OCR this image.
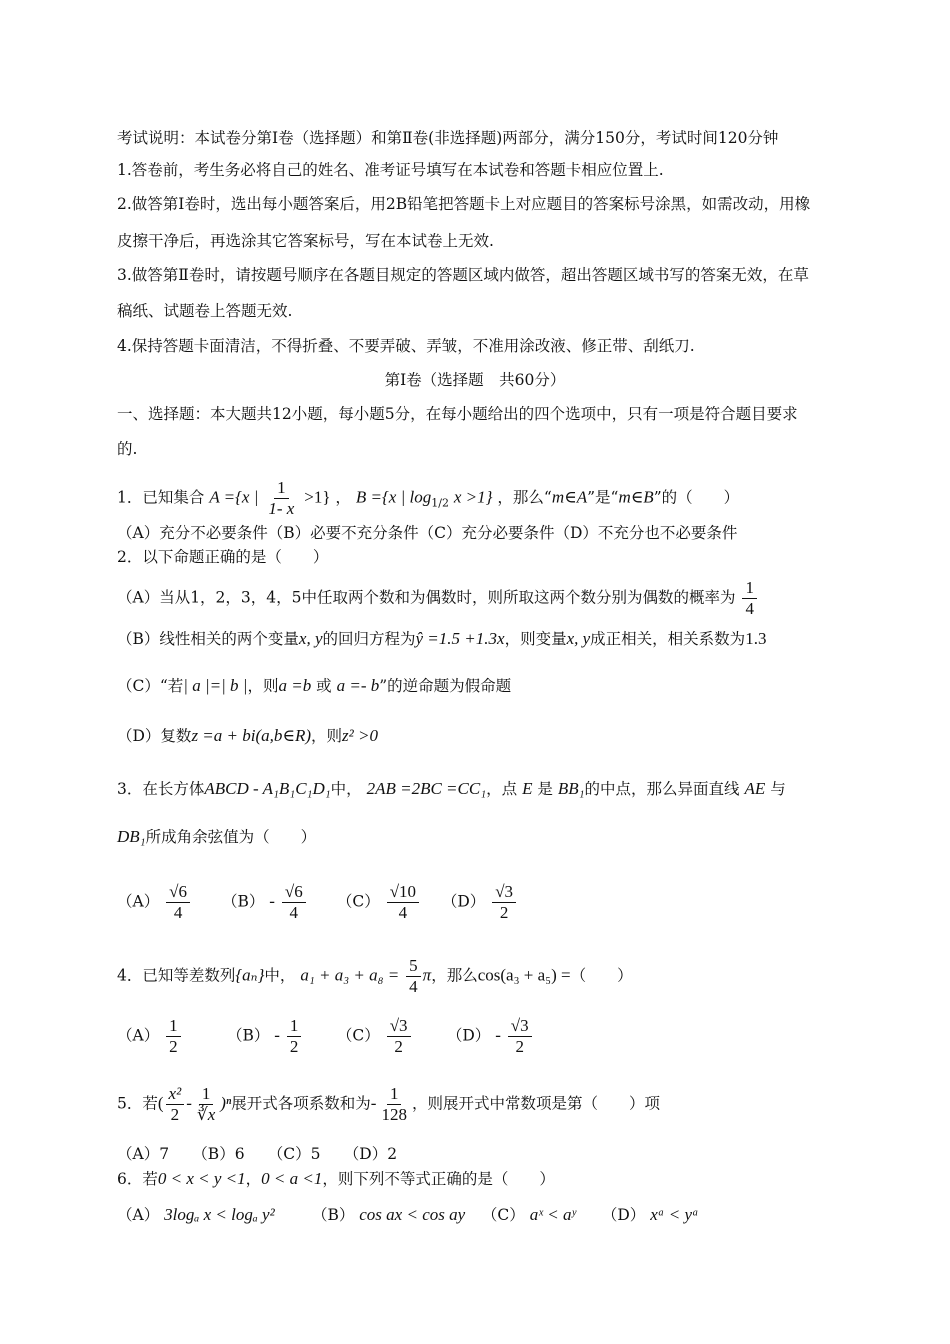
考试说明：本试卷分第Ⅰ卷（选择题）和第Ⅱ卷(非选择题)两部分，满分150分，考试时间120分钟
1.答卷前，考生务必将自己的姓名、准考证号填写在本试卷和答题卡相应位置上.
2.做答第Ⅰ卷时，选出每小题答案后，用2B铅笔把答题卡上对应题目的答案标号涂黑，如需改动，用橡
皮擦干净后，再选涂其它答案标号，写在本试卷上无效.
3.做答第Ⅱ卷时，请按题号顺序在各题目规定的答题区域内做答，超出答题区域书写的答案无效，在草
稿纸、试题卷上答题无效.
4.保持答题卡面清洁，不得折叠、不要弄破、弄皱，不准用涂改液、修正带、刮纸刀.
第Ⅰ卷（选择题　共60分）
一、选择题：本大题共12小题，每小题5分，在每小题给出的四个选项中，只有一项是符合题目要求
的.
1．已知集合 A ={x | $\frac{1}{1- x} >1$} ， B ={x | $\log_{1/2} x >1$} ，那么“m∈A”是“m∈B”的（　　）
（A）充分不必要条件（B）必要不充分条件（C）充分必要条件（D）不充分也不必要条件
2．以下命题正确的是（　　）
（A）当从1，2，3，4，5中任取两个数和为偶数时，则所取这两个数分别为偶数的概率为 $\frac{1}{4}$
（B）线性相关的两个变量x, y的回归方程为ŷ =1.5 +1.3x，则变量x, y成正相关，相关系数为1.3
（C）“若| a |=| b |，则a =b 或 a =- b”的逆命题为假命题
（D）复数z =a + bi(a,b∈R)，则z² >0
3．在长方体ABCD - A₁B₁C₁D₁中， 2AB =2BC =CC₁，点 E 是 BB₁的中点，那么异面直线 AE 与
DB₁所成角余弦值为（　　）
$(A) \frac{√6}{4} (B) - \frac{√6}{4} (C) \frac{√10}{4} (D) \frac{√3}{2}$
4．已知等差数列{aₙ}中， $a_1 + a_3 + a_8 = \frac{5}{4}$ π，那么cos(a₃ + a₅) =（　　）
$(A) \frac{1}{2}$	$(B) - \frac{1}{2} (C) \frac{√3}{2} (D) - \frac{√3}{2}$
5．若( $\frac{\text{x²}}{2} - \frac{1}{∛x} )^n$展开式各项系数和为- $\frac{1}{128}$ ，则展开式中常数项是第（　　）项
（A）7　　（B）6　　（C）5　　（D）2
6．若0 < x < y <1，0 < a <1，则下列不等式正确的是（　　）
（A） 3logₐ x < logₐ y² （B） cos ax < cos ay （C） aˣ < aʸ （D） xᵃ < yᵃ
